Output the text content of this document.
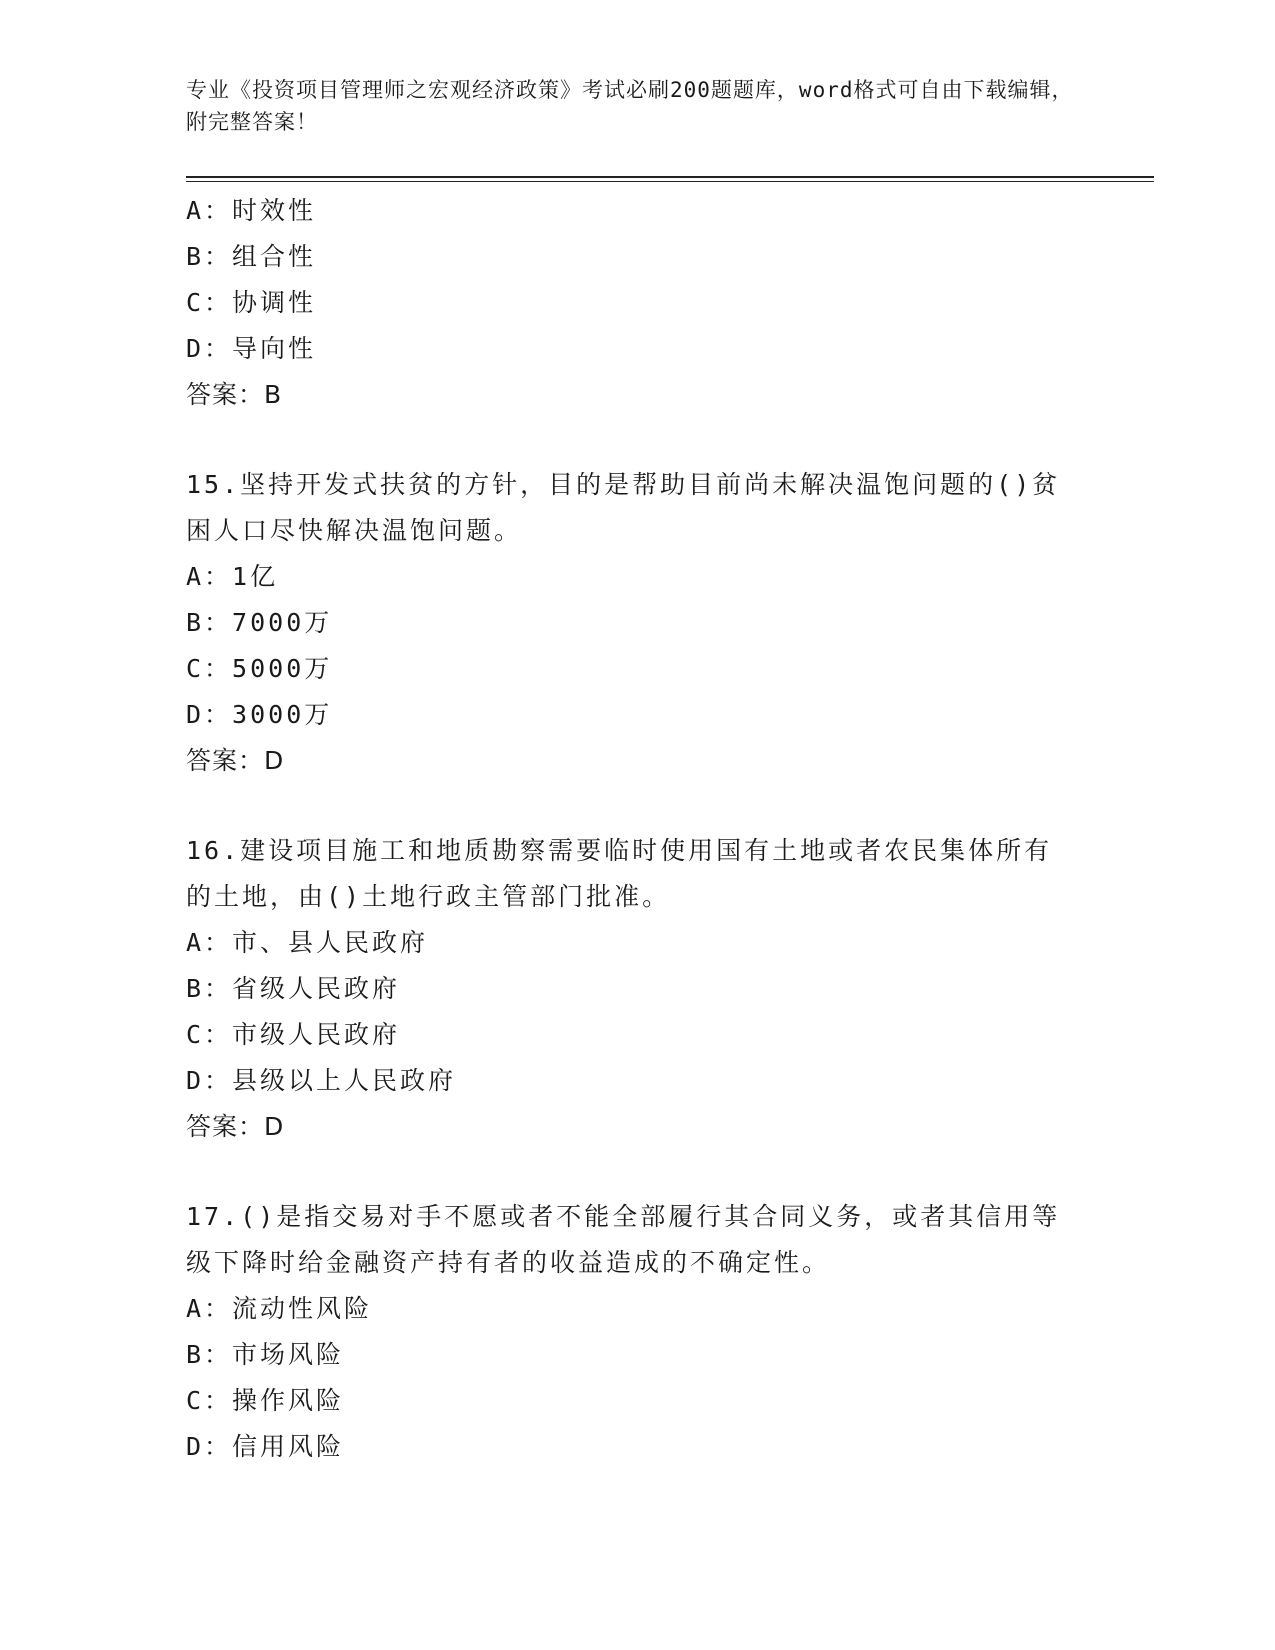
专业《投资项目管理师之宏观经济政策》考试必刷200题题库，word格式可自由下载编辑，附完整答案！

A：时效性

B：组合性

C：协调性

D：导向性

答案：B

15.坚持开发式扶贫的方针，目的是帮助目前尚未解决温饱问题的()贫

困人口尽快解决温饱问题。

A：1亿

B：7000万

C：5000万

D：3000万

答案：D

16.建设项目施工和地质勘察需要临时使用国有土地或者农民集体所有

的土地，由()土地行政主管部门批准。

A：市、县人民政府

B：省级人民政府

C：市级人民政府

D：县级以上人民政府

答案：D

17.()是指交易对手不愿或者不能全部履行其合同义务，或者其信用等

级下降时给金融资产持有者的收益造成的不确定性。

A：流动性风险

B：市场风险

C：操作风险

D：信用风险
